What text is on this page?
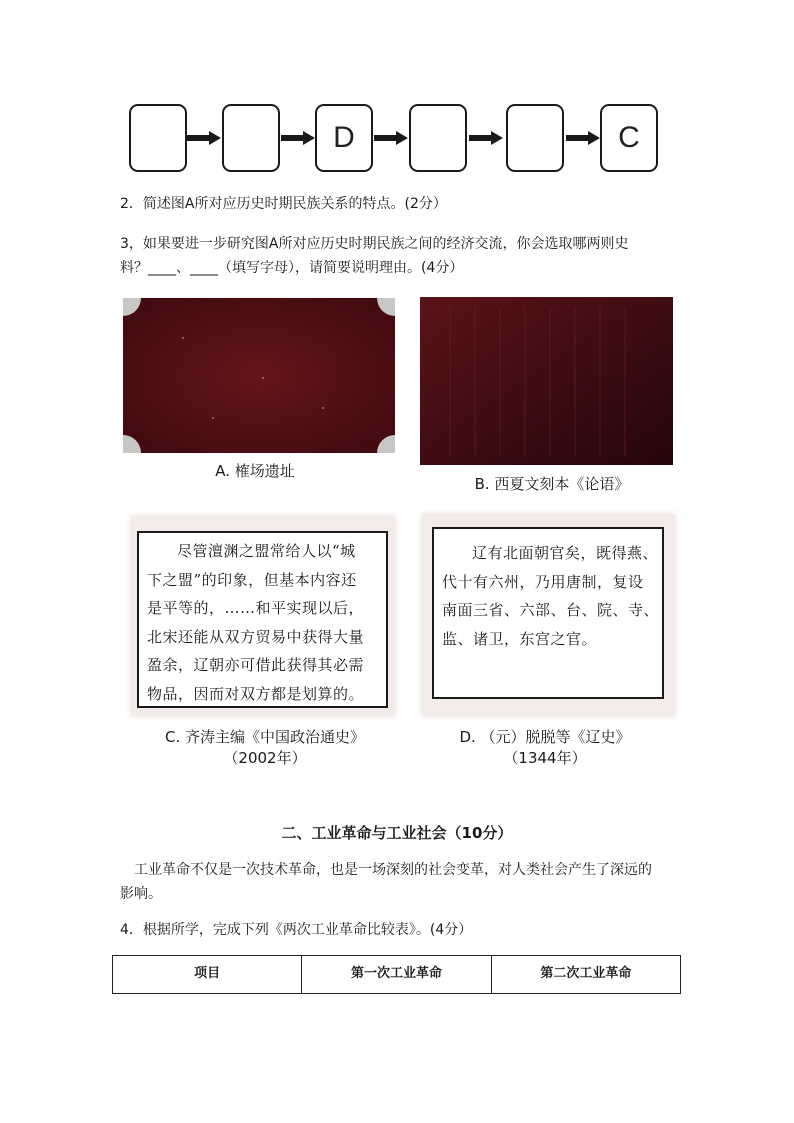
D	C
2．简述图A所对应历史时期民族关系的特点。(2分）
3，如果要进一步研究图A所对应历史时期民族之间的经济交流，你会选取哪两则史
料？____、____（填写字母），请简要说明理由。(4分）
A. 榷场遗址
B. 西夏文刻本《论语》
尽管澶渊之盟常给人以“城
下之盟”的印象，但基本内容还
是平等的，……和平实现以后，
北宋还能从双方贸易中获得大量
盈余，辽朝亦可借此获得其必需
物品，因而对双方都是划算的。
C. 齐涛主编《中国政治通史》
（2002年）
辽有北面朝官矣，既得燕、
代十有六州，乃用唐制，复设
南面三省、六部、台、院、寺、
监、诸卫，东宫之官。
D. （元）脱脱等《辽史》
（1344年）
二、工业革命与工业社会（10分）
工业革命不仅是一次技术革命，也是一场深刻的社会变革，对人类社会产生了深远的
影响。
4．根据所学，完成下列《两次工业革命比较表》。(4分）
项目	第一次工业革命	第二次工业革命
